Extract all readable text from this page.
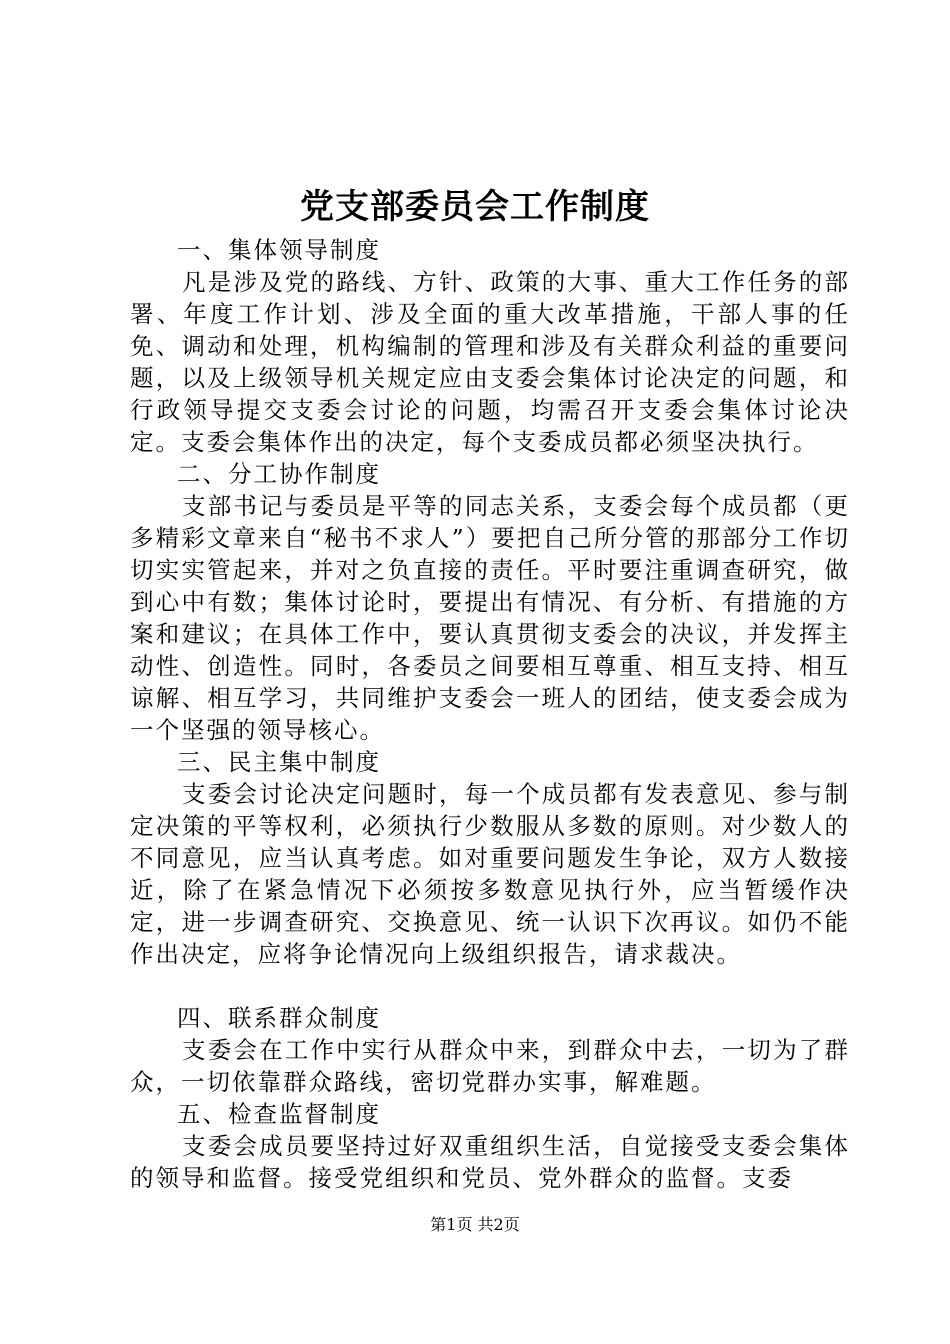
党支部委员会工作制度

一、集体领导制度

凡是涉及党的路线、方针、政策的大事、重大工作任务的部署、年度工作计划、涉及全面的重大改革措施，干部人事的任免、调动和处理，机构编制的管理和涉及有关群众利益的重要问题，以及上级领导机关规定应由支委会集体讨论决定的问题，和行政领导提交支委会讨论的问题，均需召开支委会集体讨论决定。支委会集体作出的决定，每个支委成员都必须坚决执行。

二、分工协作制度

支部书记与委员是平等的同志关系，支委会每个成员都（更多精彩文章来自“秘书不求人”）要把自己所分管的那部分工作切切实实管起来，并对之负直接的责任。平时要注重调查研究，做到心中有数；集体讨论时，要提出有情况、有分析、有措施的方案和建议；在具体工作中，要认真贯彻支委会的决议，并发挥主动性、创造性。同时，各委员之间要相互尊重、相互支持、相互谅解、相互学习，共同维护支委会一班人的团结，使支委会成为一个坚强的领导核心。

三、民主集中制度

支委会讨论决定问题时，每一个成员都有发表意见、参与制定决策的平等权利，必须执行少数服从多数的原则。对少数人的不同意见，应当认真考虑。如对重要问题发生争论，双方人数接近，除了在紧急情况下必须按多数意见执行外，应当暂缓作决定，进一步调查研究、交换意见、统一认识下次再议。如仍不能作出决定，应将争论情况向上级组织报告，请求裁决。

四、联系群众制度

支委会在工作中实行从群众中来，到群众中去，一切为了群众，一切依靠群众路线，密切党群办实事，解难题。

五、检查监督制度

支委会成员要坚持过好双重组织生活，自觉接受支委会集体的领导和监督。接受党组织和党员、党外群众的监督。支委

第1页 共2页
